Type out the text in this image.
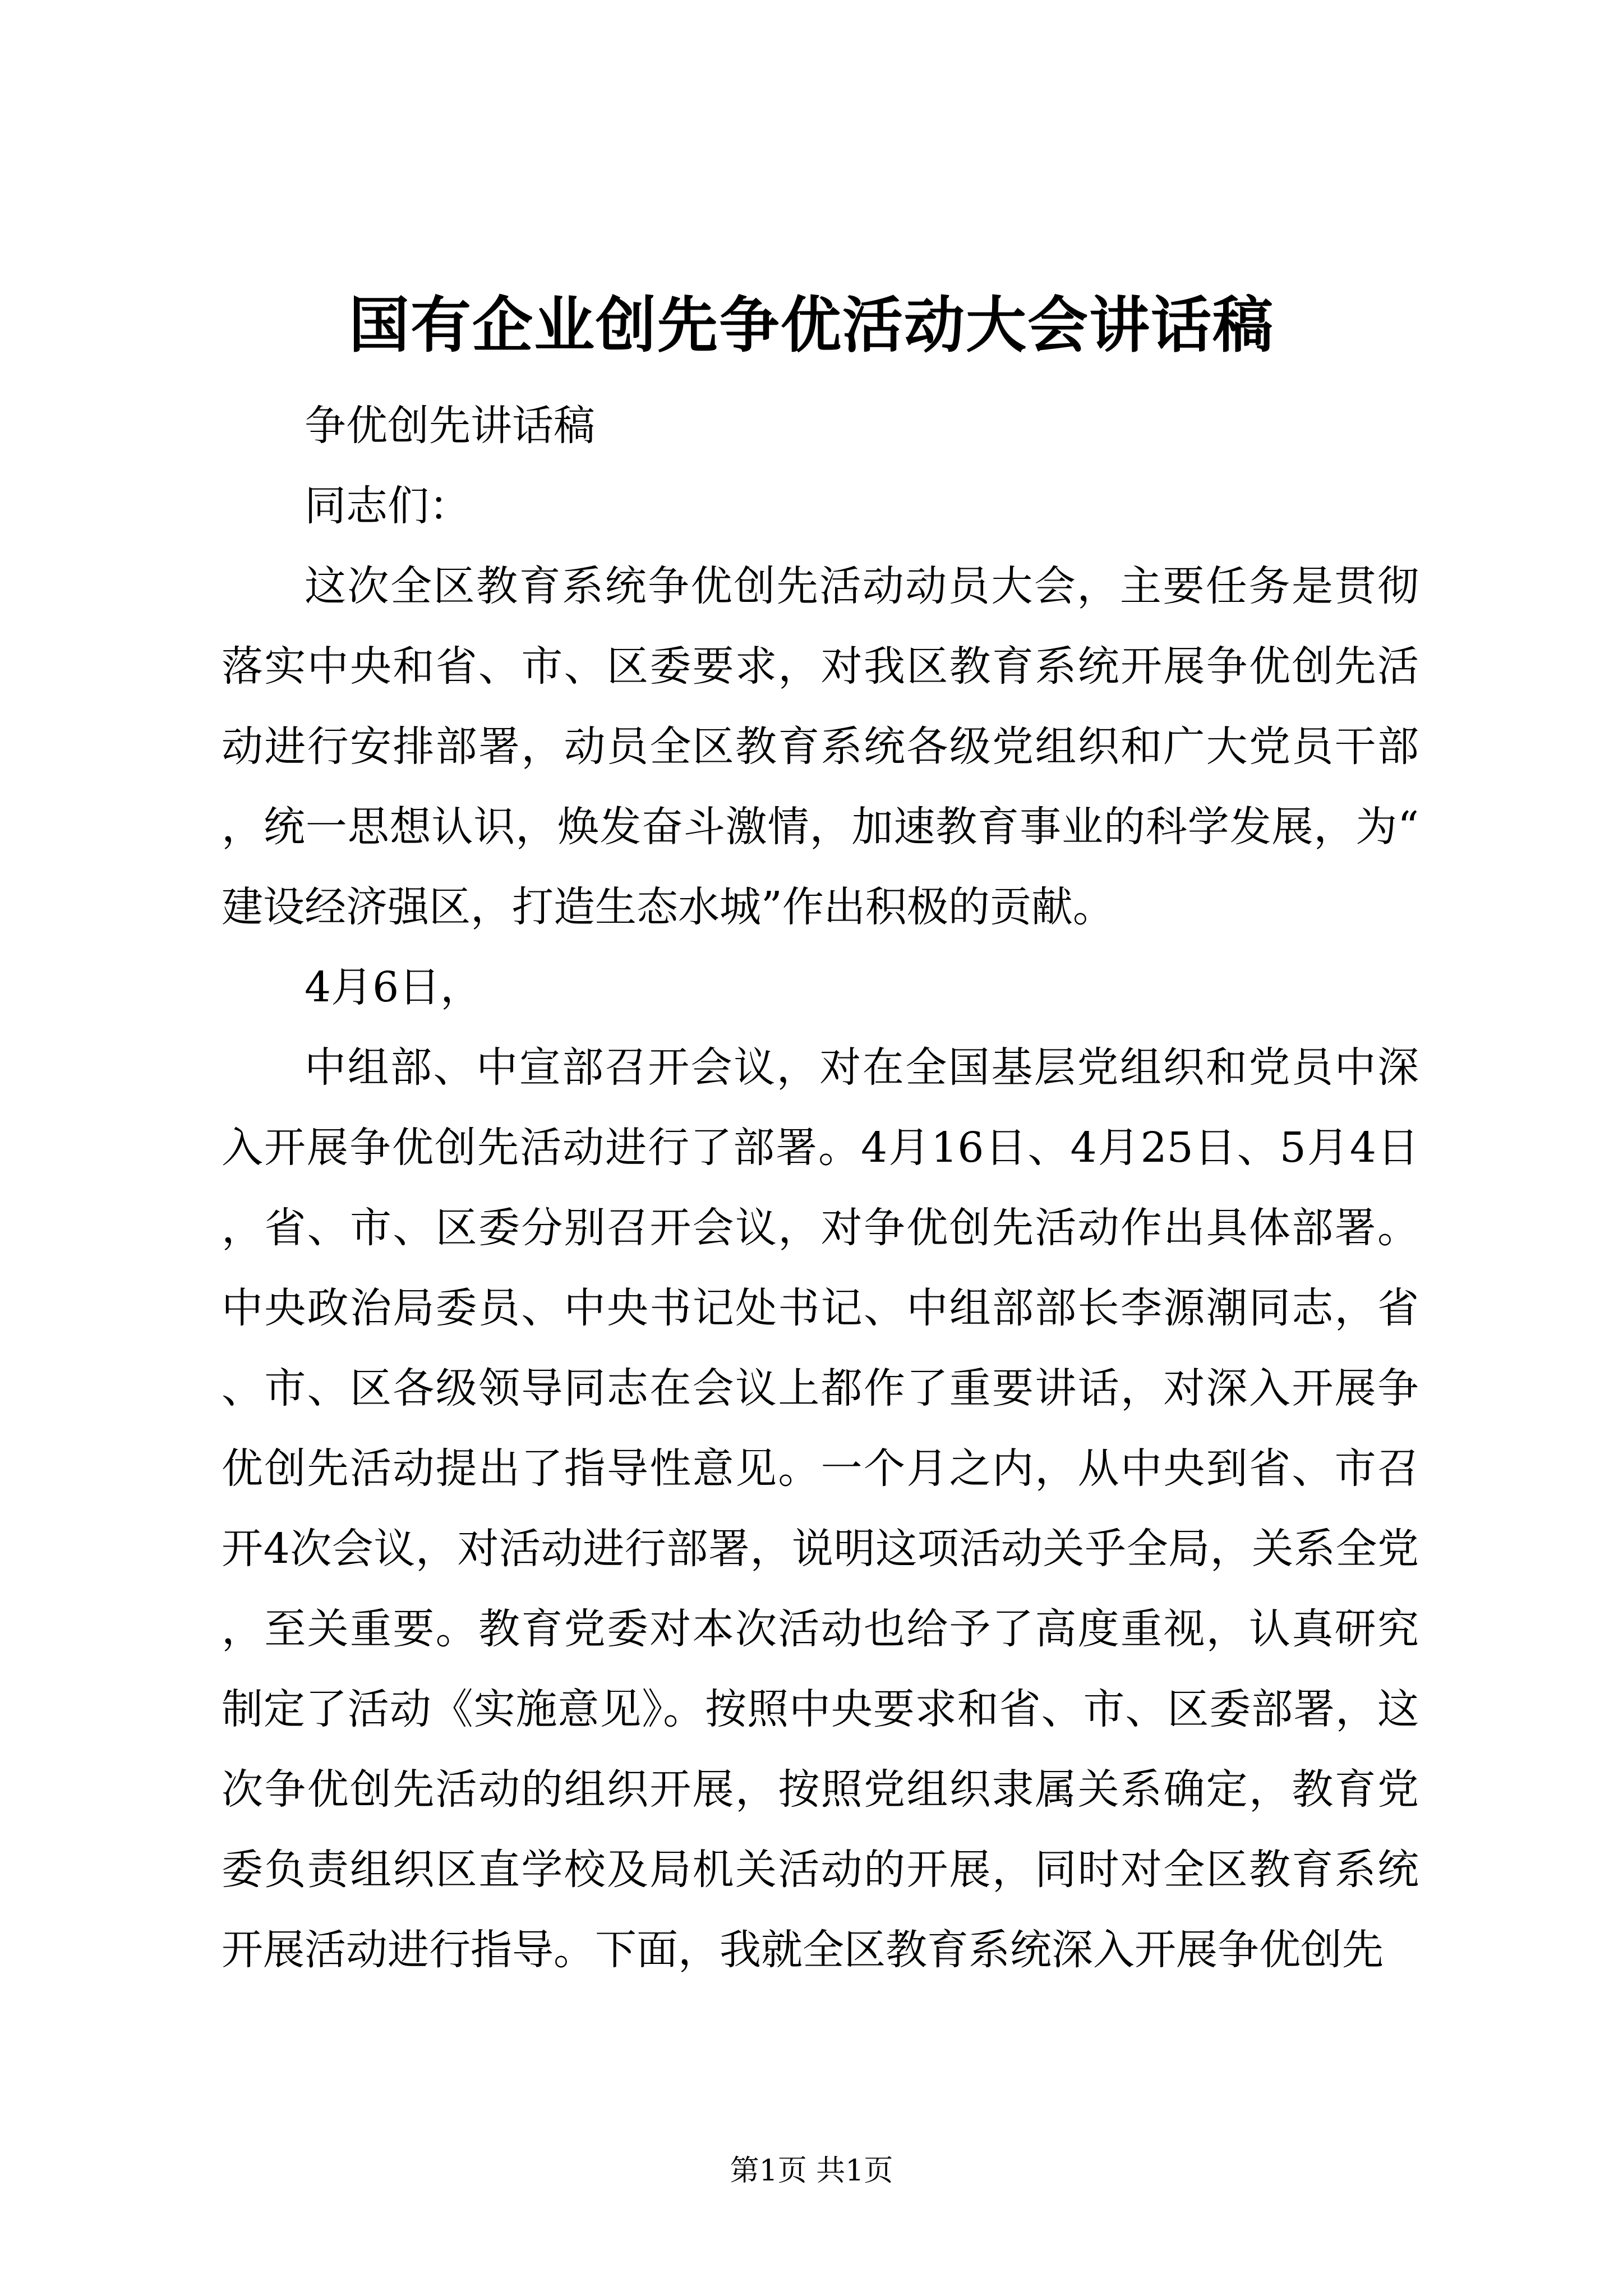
国有企业创先争优活动大会讲话稿

争优创先讲话稿

同志们：

这次全区教育系统争优创先活动动员大会，主要任务是贯彻落实中央和省、市、区委要求，对我区教育系统开展争优创先活动进行安排部署，动员全区教育系统各级党组织和广大党员干部，统一思想认识，焕发奋斗激情，加速教育事业的科学发展，为“建设经济强区，打造生态水城”作出积极的贡献。

4月6日，

中组部、中宣部召开会议，对在全国基层党组织和党员中深入开展争优创先活动进行了部署。4月16日、4月25日、5月4日，省、市、区委分别召开会议，对争优创先活动作出具体部署。中央政治局委员、中央书记处书记、中组部部长李源潮同志，省、市、区各级领导同志在会议上都作了重要讲话，对深入开展争优创先活动提出了指导性意见。一个月之内，从中央到省、市召开4次会议，对活动进行部署，说明这项活动关乎全局，关系全党，至关重要。教育党委对本次活动也给予了高度重视，认真研究制定了活动《实施意见》。按照中央要求和省、市、区委部署，这次争优创先活动的组织开展，按照党组织隶属关系确定，教育党委负责组织区直学校及局机关活动的开展，同时对全区教育系统开展活动进行指导。下面，我就全区教育系统深入开展争优创先

第1页 共1页
